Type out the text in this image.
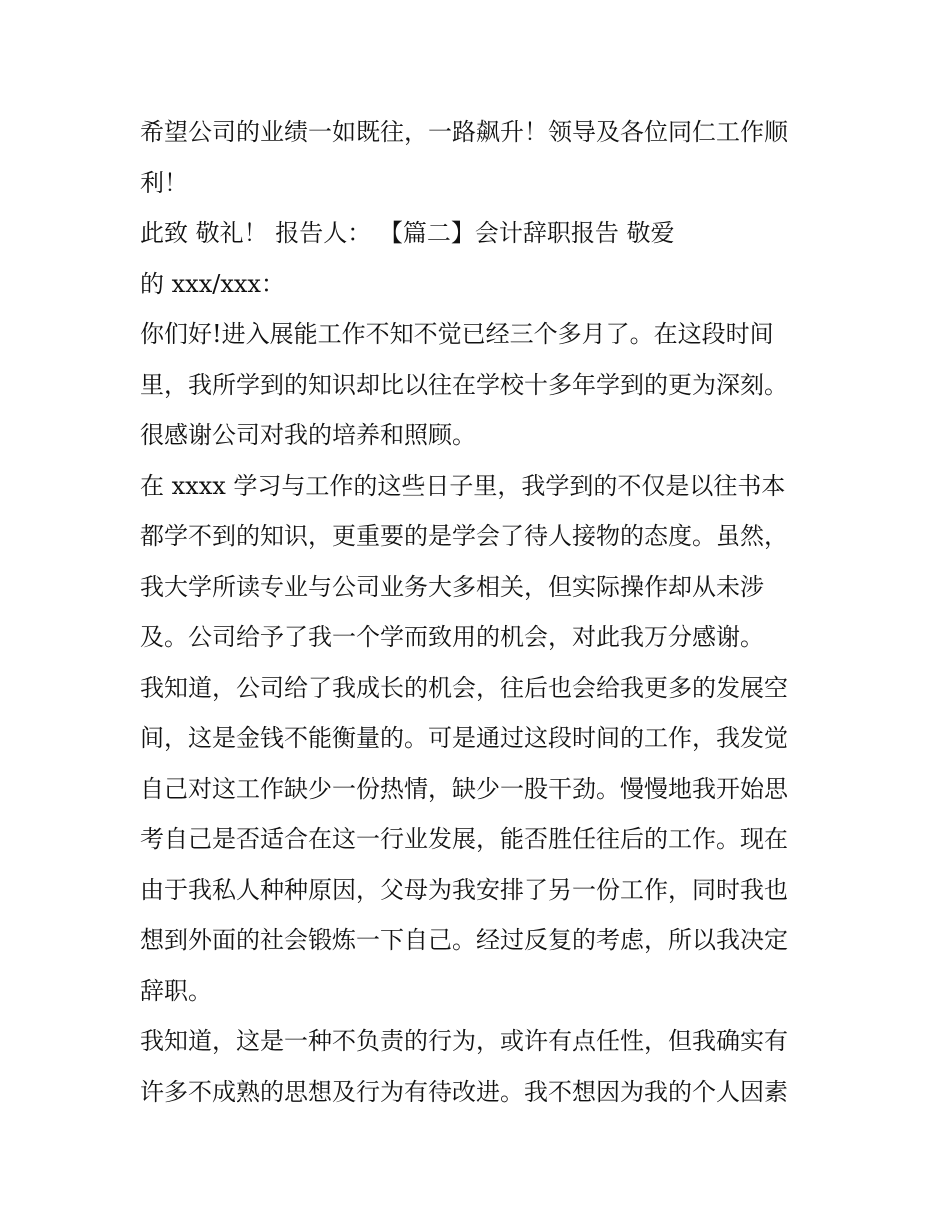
希望公司的业绩一如既往，一路飙升！领导及各位同仁工作顺
利！
此致 敬礼！ 报告人： 【篇二】会计辞职报告 敬爱
的 xxx/xxx：
你们好!进入展能工作不知不觉已经三个多月了。在这段时间
里，我所学到的知识却比以往在学校十多年学到的更为深刻。
很感谢公司对我的培养和照顾。
在 xxxx 学习与工作的这些日子里，我学到的不仅是以往书本
都学不到的知识，更重要的是学会了待人接物的态度。虽然，
我大学所读专业与公司业务大多相关，但实际操作却从未涉
及。公司给予了我一个学而致用的机会，对此我万分感谢。
我知道，公司给了我成长的机会，往后也会给我更多的发展空
间，这是金钱不能衡量的。可是通过这段时间的工作，我发觉
自己对这工作缺少一份热情，缺少一股干劲。慢慢地我开始思
考自己是否适合在这一行业发展，能否胜任往后的工作。现在
由于我私人种种原因，父母为我安排了另一份工作，同时我也
想到外面的社会锻炼一下自己。经过反复的考虑，所以我决定
辞职。
我知道，这是一种不负责的行为，或许有点任性，但我确实有
许多不成熟的思想及行为有待改进。我不想因为我的个人因素
